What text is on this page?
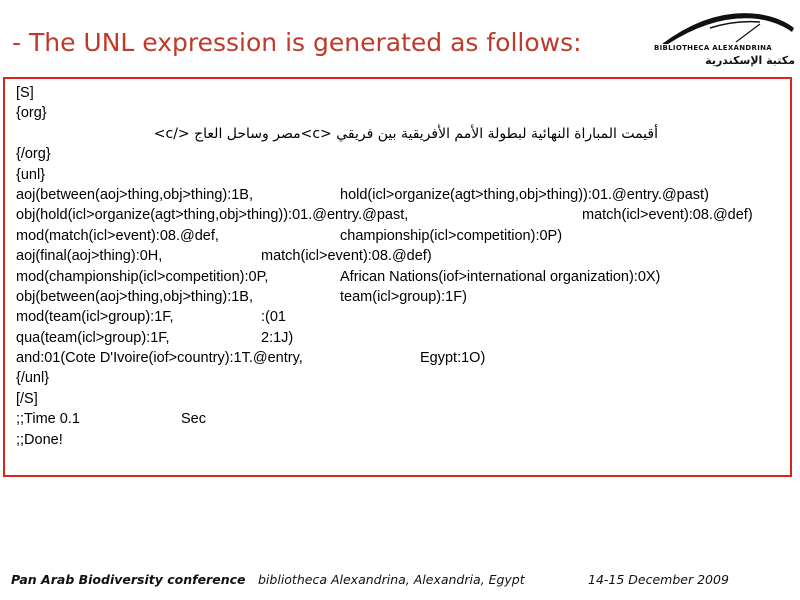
- The UNL expression is generated as follows:	BIBLIOTHECA ALEXANDRINA
مكتبة الإسكندرية
[S]
{org}
أقيمت المباراة النهائية لبطولة الأمم الأفريقية بين فريقي <c>مصر وساحل العاج </c>
{/org}
{unl}
aoj(between(aoj>thing,obj>thing):1B,	hold(icl>organize(agt>thing,obj>thing)):01.@entry.@past)
obj(hold(icl>organize(agt>thing,obj>thing)):01.@entry.@past,	match(icl>event):08.@def)
mod(match(icl>event):08.@def,	championship(icl>competition):0P)
aoj(final(aoj>thing):0H,	match(icl>event):08.@def)
mod(championship(icl>competition):0P,	African Nations(iof>international organization):0X)
obj(between(aoj>thing,obj>thing):1B,	team(icl>group):1F)
mod(team(icl>group):1F,	:(01
qua(team(icl>group):1F,	2:1J)
and:01(Cote D'Ivoire(iof>country):1T.@entry,	Egypt:1O)
{/unl}
[/S]
;;Time 0.1	Sec
;;Done!
Pan Arab Biodiversity conference bibliotheca Alexandrina, Alexandria, Egypt	14-15 December 2009
